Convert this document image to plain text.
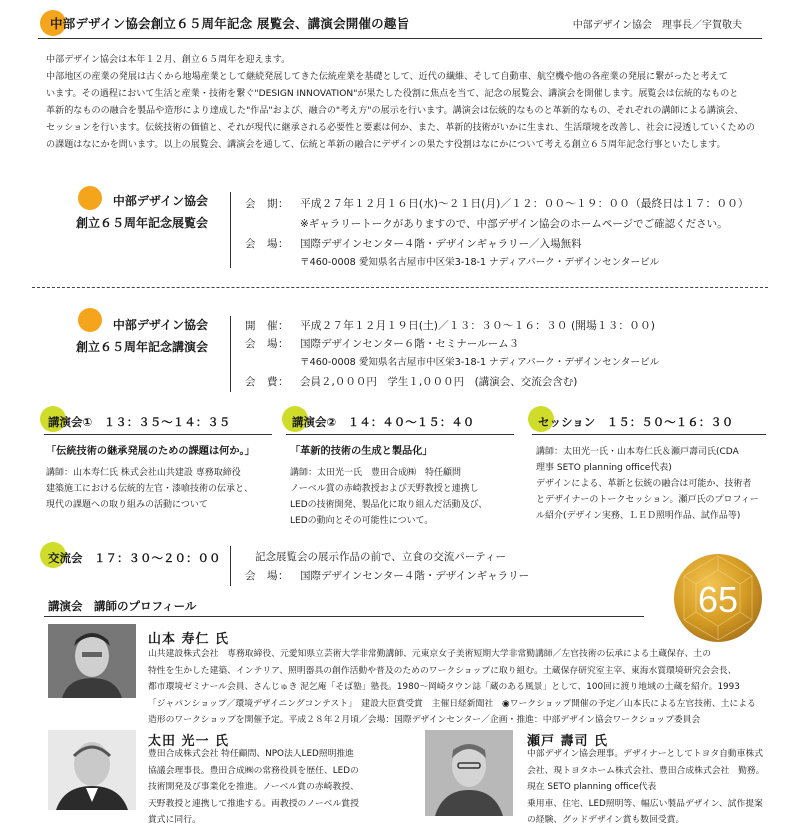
中部デザイン協会創立６５周年記念 展覧会、講演会開催の趣旨	中部デザイン協会　理事長／宇賀敬夫

中部デザイン協会は本年１２月、創立６５周年を迎えます。

中部地区の産業の発展は古くから地場産業として継続発展してきた伝統産業を基礎として、近代の繊維、そして自動車、航空機や他の各産業の発展に繋がったと考えて

います。その過程において生活と産業・技術を繋ぐ"DESIGN INNOVATION"が果たした役割に焦点を当て、記念の展覧会、講演会を開催します。展覧会は伝統的なものと

革新的なものの融合を製品や造形により達成した"作品"および、融合の"考え方"の展示を行います。講演会は伝統的なものと革新的なもの、それぞれの講師による講演会、

セッションを行います。伝統技術の価値と、それが現代に継承される必要性と要素は何か、また、革新的技術がいかに生まれ、生活環境を改善し、社会に浸透していくための

の課題はなにかを問います。以上の展覧会、講演会を通して、伝統と革新の融合にデザインの果たす役割はなにかについて考える創立６５周年記念行事といたします。

中部デザイン協会
創立６５周年記念展覧会
会　期： 平成２７年１２月１６日(水)～２１日(月)／１２：００～１９：００（最終日は１７：００）
※ギャラリートークがありますので、中部デザイン協会のホームページでご確認ください。
会　場： 国際デザインセンター４階・デザインギャラリー／入場無料
〒460-0008 愛知県名古屋市中区栄3-18-1 ナディアパーク・デザインセンタービル
中部デザイン協会
創立６５周年記念講演会
開　催： 平成２７年１２月１９日(土)／１３：３０～１６：３０ (開場１３：００)
会　場： 国際デザインセンター６階・セミナールーム３
〒460-0008 愛知県名古屋市中区栄3-18-1 ナディアパーク・デザインセンタービル
会　費： 会員２,０００円　学生１,０００円　(講演会、交流会含む)
講演会①　１３：３５～１４：３５
「伝統技術の継承発展のための課題は何か。」

講師：山本寿仁氏 株式会社山共建設 専務取締役

建築施工における伝統的左官・漆喰技術の伝承と、

現代の課題への取り組みの活動について

講演会②　１４：４０～１５：４０
「革新的技術の生成と製品化」

講師：太田光一氏　豊田合成㈱　特任顧問

ノーベル賞の赤崎教授および天野教授と連携し

LEDの技術開発、製品化に取り組んだ活動及び、

LEDの動向とその可能性について。

セッション　１５：５０～１６：３０

講師：太田光一氏・山本寿仁氏＆瀬戸壽司氏(CDA

理事 SETO planning office代表)

デザインによる、革新と伝統の融合は可能か、技術者

とデザイナーのトークセッション。瀬戸氏のプロフィー

ル紹介(デザイン実務、ＬＥＤ照明作品、試作品等)

交流会　１７：３０～２０：００	記念展覧会の展示作品の前で、立食の交流パーティー
会　場： 国際デザインセンター４階・デザインギャラリー
65
講演会　講師のプロフィール
山本 寿仁 氏

山共建設株式会社　専務取締役、元愛知県立芸術大学非常勤講師、元東京女子美術短期大学非常勤講師／左官技術の伝承による土蔵保存、土の

特性を生かした建築、インテリア、照明器具の創作活動や普及のためのワークショップに取り組む。土蔵保存研究室主宰、東海水質環境研究会会長、

都市環境ゼミナール会員、さんじゅき 泥乞庵「そば塾」塾長。1980～岡崎タウン誌「蔵のある風景」として、100回に渡り地域の土蔵を紹介。1993

「ジャパンショップ／環境デザイニングコンテスト」　建設大臣賞受賞　主催日経新聞社　◉ワークショップ開催の予定／山本氏による左官技術、土による

造形のワークショップを開催予定。平成２８年２月頃／会場：国際デザインセンター／企画・推進：中部デザイン協会ワークショップ委員会

太田 光一 氏

豊田合成株式会社 特任顧問、NPO法人LED照明推進

協議会理事長。豊田合成㈱の常務役員を歴任、LEDの

技術開発及び事業化を推進。ノーベル賞の赤崎教授、

天野教授と連携して推進する。両教授のノーベル賞授

賞式に同行。

瀬戸 壽司 氏

中部デザイン協会理事。デザイナーとしてトヨタ自動車株式

会社、現トヨタホーム株式会社、豊田合成株式会社　勤務。

現在 SETO planning office代表

乗用車、住宅、LED照明等、幅広い製品デザイン、試作提案

の経験、グッドデザイン賞も数回受賞。
